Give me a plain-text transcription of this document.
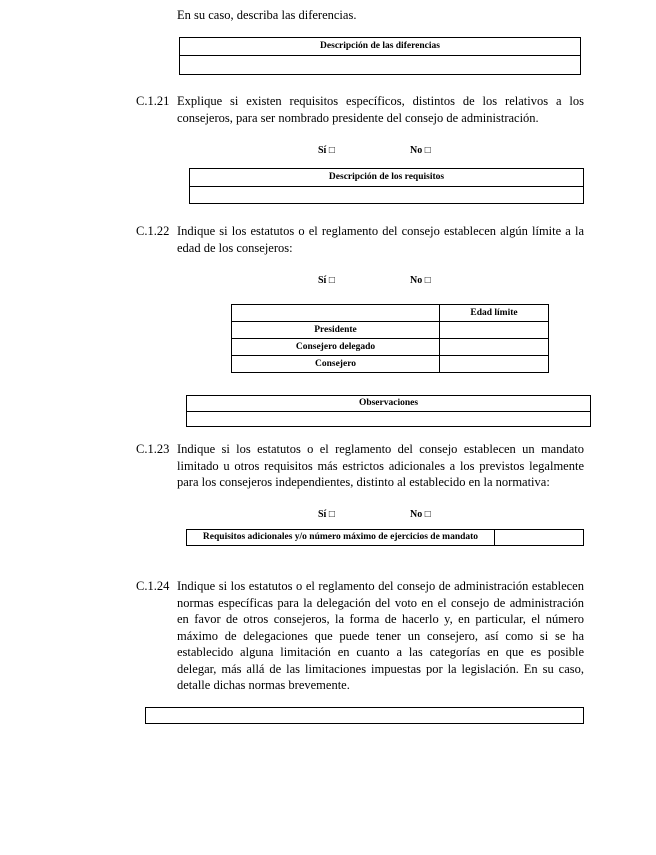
En su caso, describa las diferencias.

Descripción de las diferencias
C.1.21 Explique si existen requisitos específicos, distintos de los relativos a los consejeros, para ser nombrado presidente del consejo de administración.

Sí □	No □
Descripción de los requisitos
C.1.22 Indique si los estatutos o el reglamento del consejo establecen algún límite a la edad de los consejeros:

Sí □	No □
	Edad límite
Presidente	
Consejero delegado	
Consejero	
Observaciones
C.1.23 Indique si los estatutos o el reglamento del consejo establecen un mandato limitado u otros requisitos más estrictos adicionales a los previstos legalmente para los consejeros independientes, distinto al establecido en la normativa:

Sí □	No □
Requisitos adicionales y/o número máximo de ejercicios de mandato
C.1.24 Indique si los estatutos o el reglamento del consejo de administración establecen normas específicas para la delegación del voto en el consejo de administración en favor de otros consejeros, la forma de hacerlo y, en particular, el número máximo de delegaciones que puede tener un consejero, así como si se ha establecido alguna limitación en cuanto a las categorías en que es posible delegar, más allá de las limitaciones impuestas por la legislación. En su caso, detalle dichas normas brevemente.
